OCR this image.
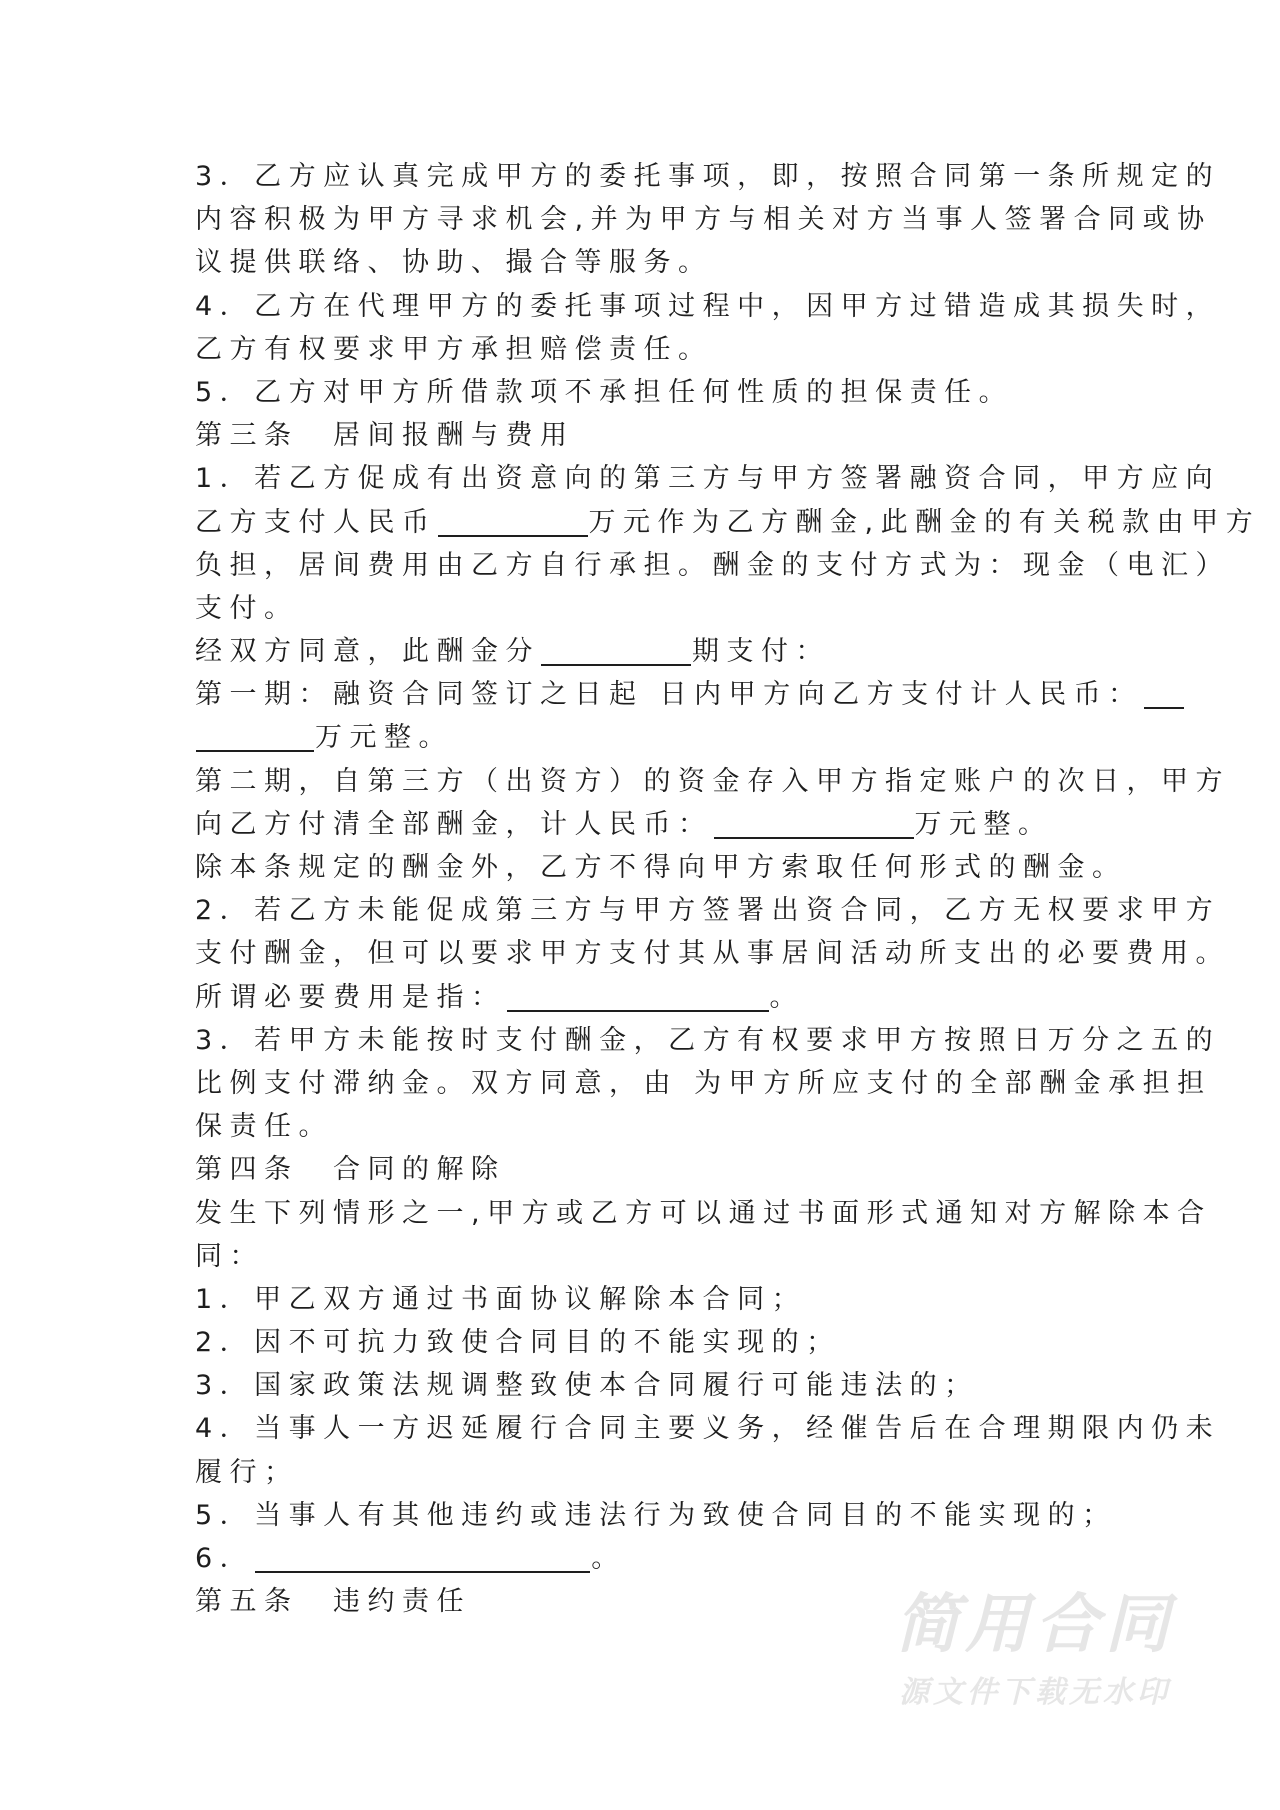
3．乙方应认真完成甲方的委托事项，即，按照合同第一条所规定的
内容积极为甲方寻求机会,并为甲方与相关对方当事人签署合同或协
议提供联络、协助、撮合等服务。
4．乙方在代理甲方的委托事项过程中，因甲方过错造成其损失时，
乙方有权要求甲方承担赔偿责任。
5．乙方对甲方所借款项不承担任何性质的担保责任。
第三条　居间报酬与费用
1．若乙方促成有出资意向的第三方与甲方签署融资合同，甲方应向
乙方支付人民币	万元作为乙方酬金,此酬金的有关税款由甲方
负担，居间费用由乙方自行承担。酬金的支付方式为：现金（电汇）
支付。
经双方同意，此酬金分	期支付：
第一期：融资合同签订之日起 日内甲方向乙方支付计人民币：
万元整。
第二期，自第三方（出资方）的资金存入甲方指定账户的次日，甲方
向乙方付清全部酬金，计人民币：	万元整。
除本条规定的酬金外，乙方不得向甲方索取任何形式的酬金。
2．若乙方未能促成第三方与甲方签署出资合同，乙方无权要求甲方
支付酬金，但可以要求甲方支付其从事居间活动所支出的必要费用。
所谓必要费用是指：	。
3．若甲方未能按时支付酬金，乙方有权要求甲方按照日万分之五的
比例支付滞纳金。双方同意，由 为甲方所应支付的全部酬金承担担
保责任。
第四条　合同的解除
发生下列情形之一,甲方或乙方可以通过书面形式通知对方解除本合
同：
1．甲乙双方通过书面协议解除本合同；
2．因不可抗力致使合同目的不能实现的；
3．国家政策法规调整致使本合同履行可能违法的；
4．当事人一方迟延履行合同主要义务，经催告后在合理期限内仍未
履行；
5．当事人有其他违约或违法行为致使合同目的不能实现的；
6．	。
第五条　违约责任	简用合同
源文件下载无水印
